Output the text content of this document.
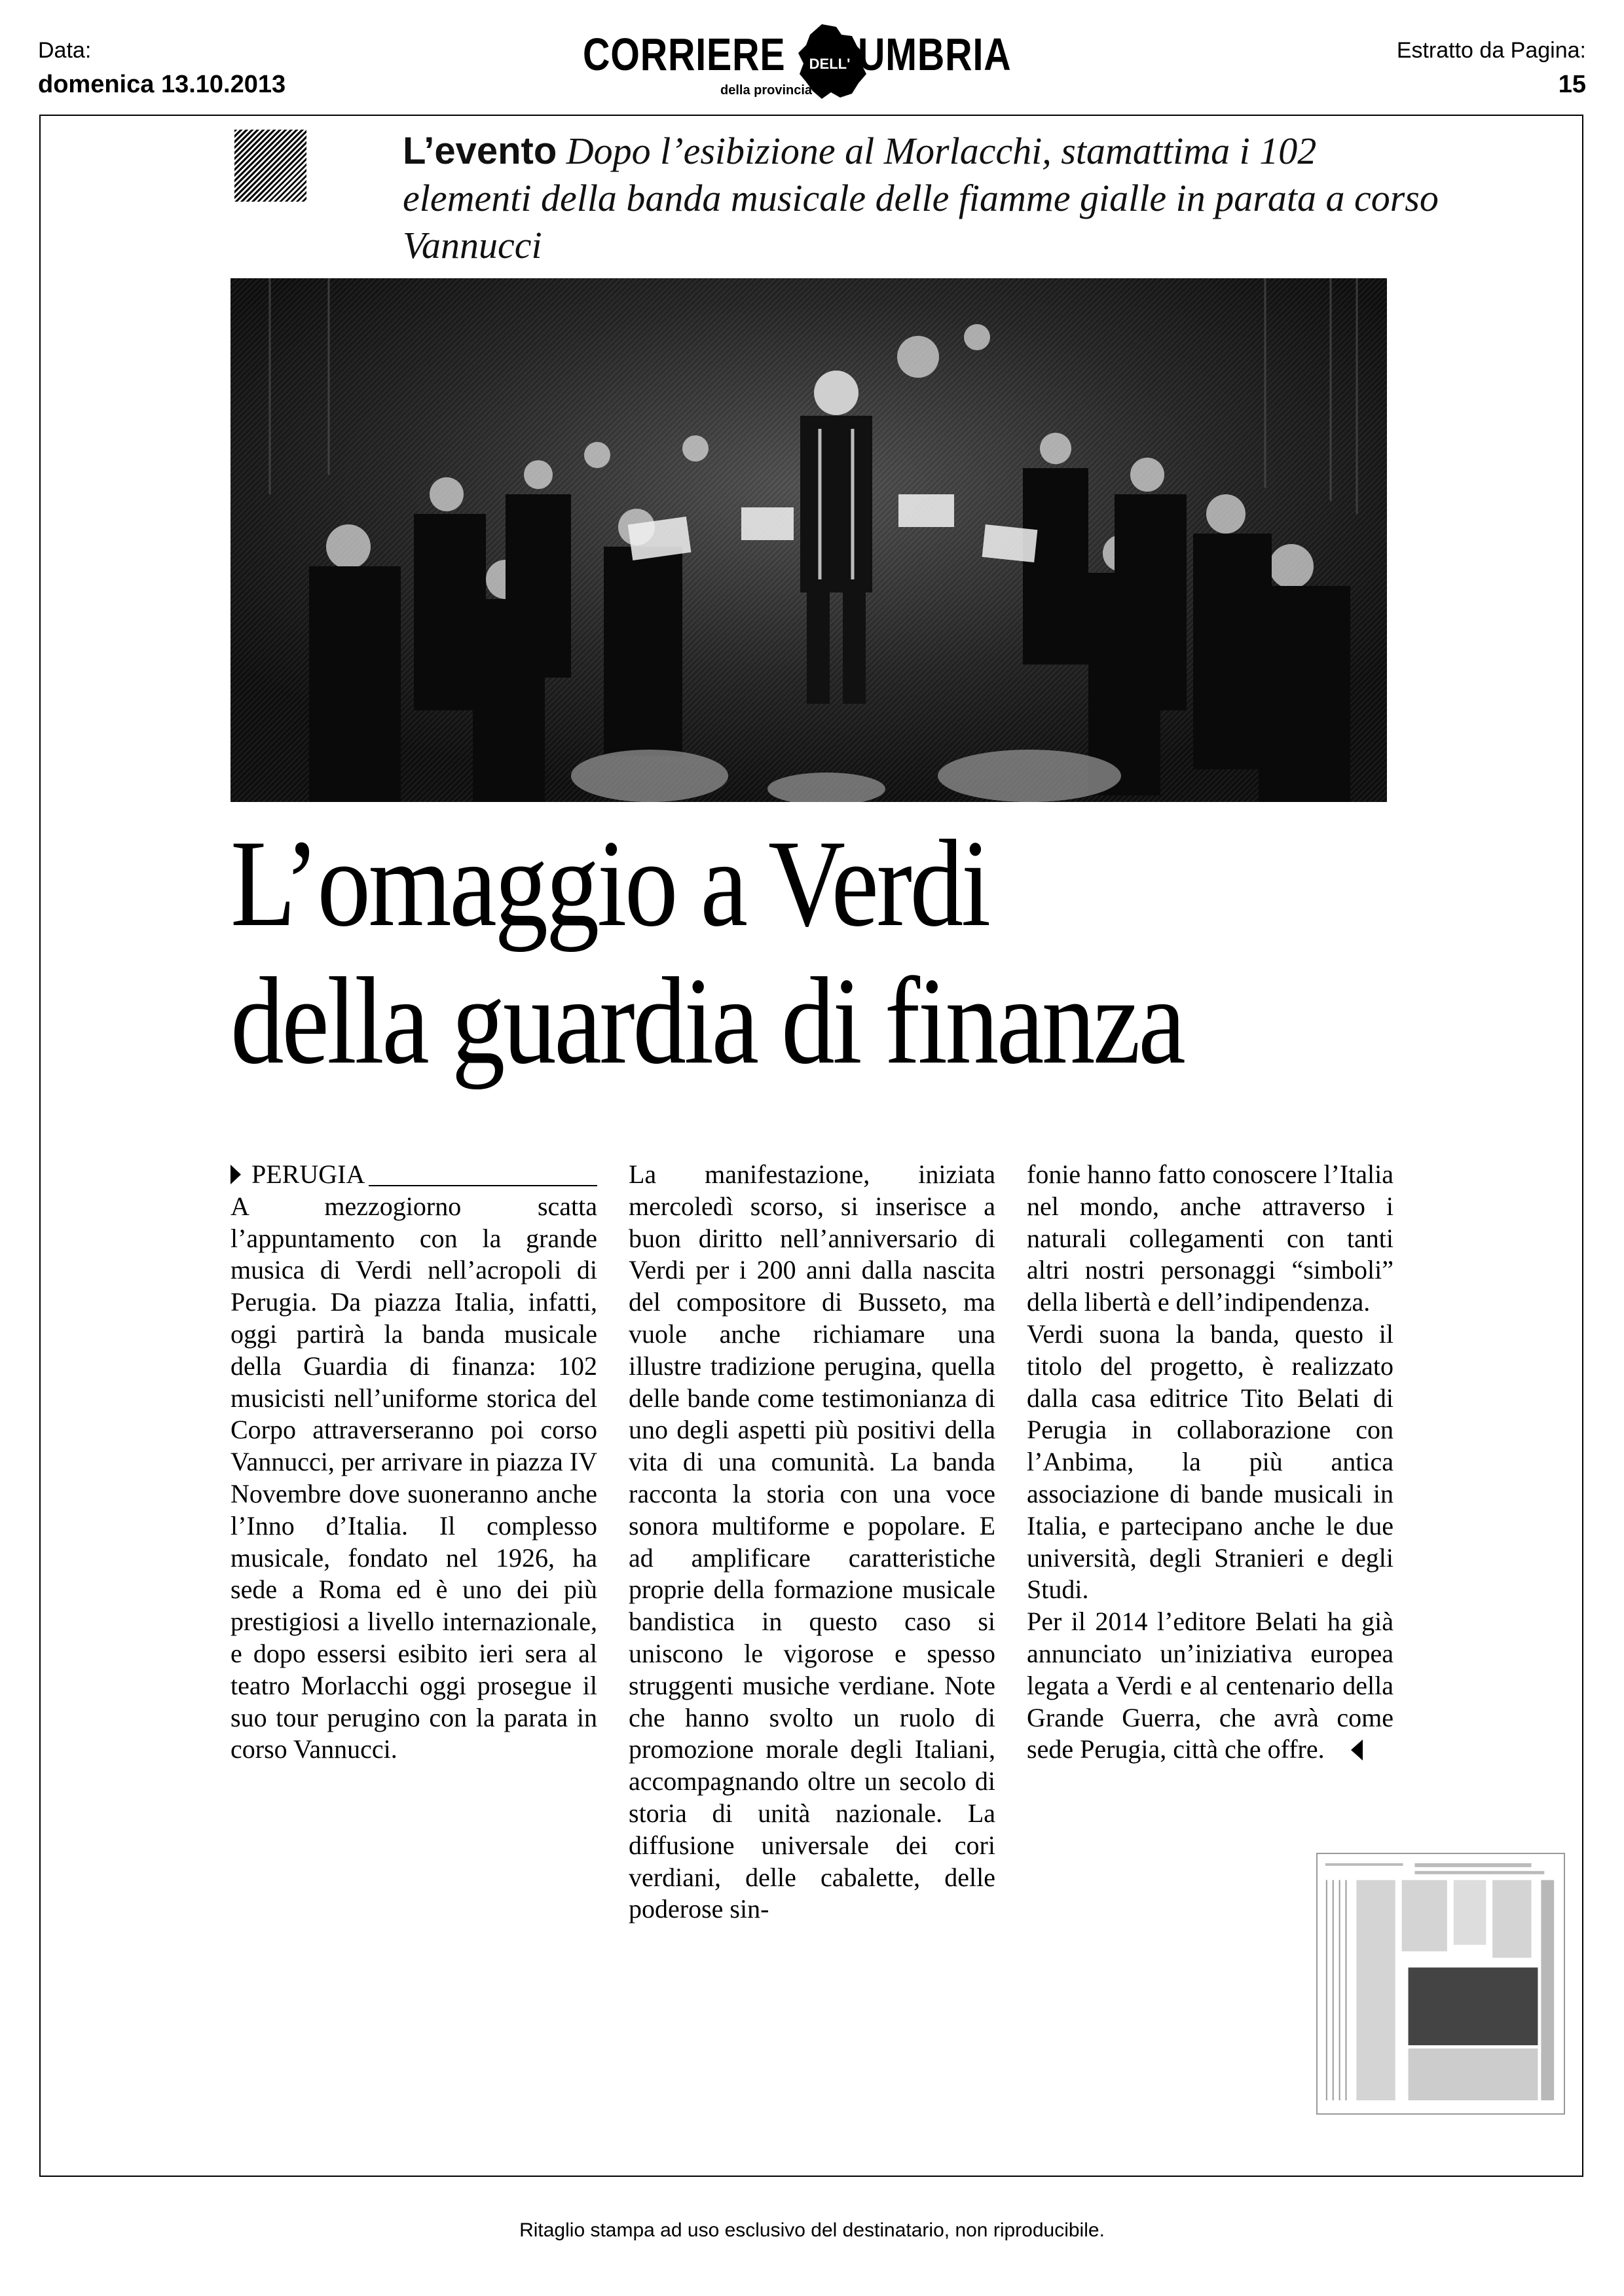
Data:
domenica 13.10.2013
Estratto da Pagina:
15
CORRIERE DELL' UMBRIA
della provincia
L’evento Dopo l’esibizione al Morlacchi, stamattima i 102 elementi della banda musicale delle fiamme gialle in parata a corso Vannucci
L’omaggio a Verdi
della guardia di finanza
PERUGIA

A mezzogiorno scatta l’appuntamento con la grande musica di Verdi nell’acropoli di Perugia. Da piazza Italia, infatti, oggi partirà la banda musicale della Guardia di finanza: 102 musicisti nell’uniforme storica del Corpo attraverseranno poi corso Vannucci, per arrivare in piazza IV Novembre dove suoneranno anche l’Inno d’Italia. Il complesso musicale, fondato nel 1926, ha sede a Roma ed è uno dei più prestigiosi a livello internazionale, e dopo essersi esibito ieri sera al teatro Morlacchi oggi prosegue il suo tour perugino con la parata in corso Vannucci.

La manifestazione, iniziata mercoledì scorso, si inserisce a buon diritto nell’anniversario di Verdi per i 200 anni dalla nascita del compositore di Busseto, ma vuole anche richiamare una illustre tradizione perugina, quella delle bande come testimonianza di uno degli aspetti più positivi della vita di una comunità. La banda racconta la storia con una voce sonora multiforme e popolare. E ad amplificare caratteristiche proprie della formazione musicale bandistica in questo caso si uniscono le vigorose e spesso struggenti musiche verdiane. Note che hanno svolto un ruolo di promozione morale degli Italiani, accompagnando oltre un secolo di storia di unità nazionale. La diffusione universale dei cori verdiani, delle cabalette, delle poderose sin-

fonie hanno fatto conoscere l’Italia nel mondo, anche attraverso i naturali collegamenti con tanti altri nostri personaggi “simboli” della libertà e dell’indipendenza.

Verdi suona la banda, questo il titolo del progetto, è realizzato dalla casa editrice Tito Belati di Perugia in collaborazione con l’Anbima, la più antica associazione di bande musicali in Italia, e partecipano anche le due università, degli Stranieri e degli Studi.

Per il 2014 l’editore Belati ha già annunciato un’iniziativa europea legata a Verdi e al centenario della Grande Guerra, che avrà come sede Perugia, città che offre.

Ritaglio stampa ad uso esclusivo del destinatario, non riproducibile.
